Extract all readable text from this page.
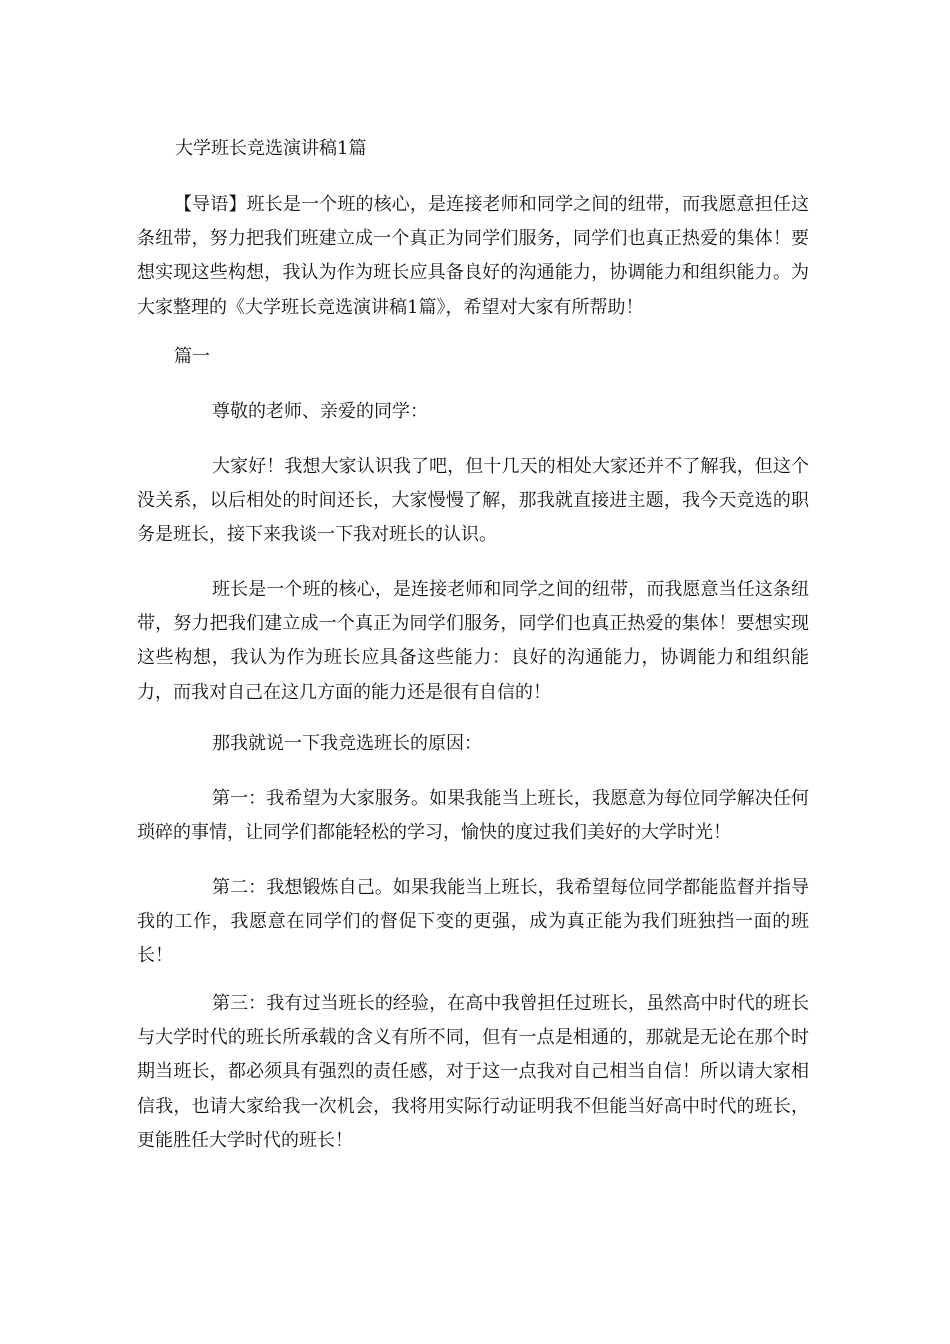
大学班长竞选演讲稿1篇

【导语】班长是一个班的核心，是连接老师和同学之间的纽带，而我愿意担任这条纽带，努力把我们班建立成一个真正为同学们服务，同学们也真正热爱的集体！要想实现这些构想，我认为作为班长应具备良好的沟通能力，协调能力和组织能力。为大家整理的《大学班长竞选演讲稿1篇》，希望对大家有所帮助！

篇一

尊敬的老师、亲爱的同学：

大家好！我想大家认识我了吧，但十几天的相处大家还并不了解我，但这个没关系，以后相处的时间还长，大家慢慢了解，那我就直接进主题，我今天竞选的职务是班长，接下来我谈一下我对班长的认识。

班长是一个班的核心，是连接老师和同学之间的纽带，而我愿意当任这条纽带，努力把我们建立成一个真正为同学们服务，同学们也真正热爱的集体！要想实现这些构想，我认为作为班长应具备这些能力：良好的沟通能力，协调能力和组织能力，而我对自己在这几方面的能力还是很有自信的！

那我就说一下我竞选班长的原因：

第一：我希望为大家服务。如果我能当上班长，我愿意为每位同学解决任何琐碎的事情，让同学们都能轻松的学习，愉快的度过我们美好的大学时光！

第二：我想锻炼自己。如果我能当上班长，我希望每位同学都能监督并指导我的工作，我愿意在同学们的督促下变的更强，成为真正能为我们班独挡一面的班长！

第三：我有过当班长的经验，在高中我曾担任过班长，虽然高中时代的班长与大学时代的班长所承载的含义有所不同，但有一点是相通的，那就是无论在那个时期当班长，都必须具有强烈的责任感，对于这一点我对自己相当自信！所以请大家相信我，也请大家给我一次机会，我将用实际行动证明我不但能当好高中时代的班长，更能胜任大学时代的班长！
